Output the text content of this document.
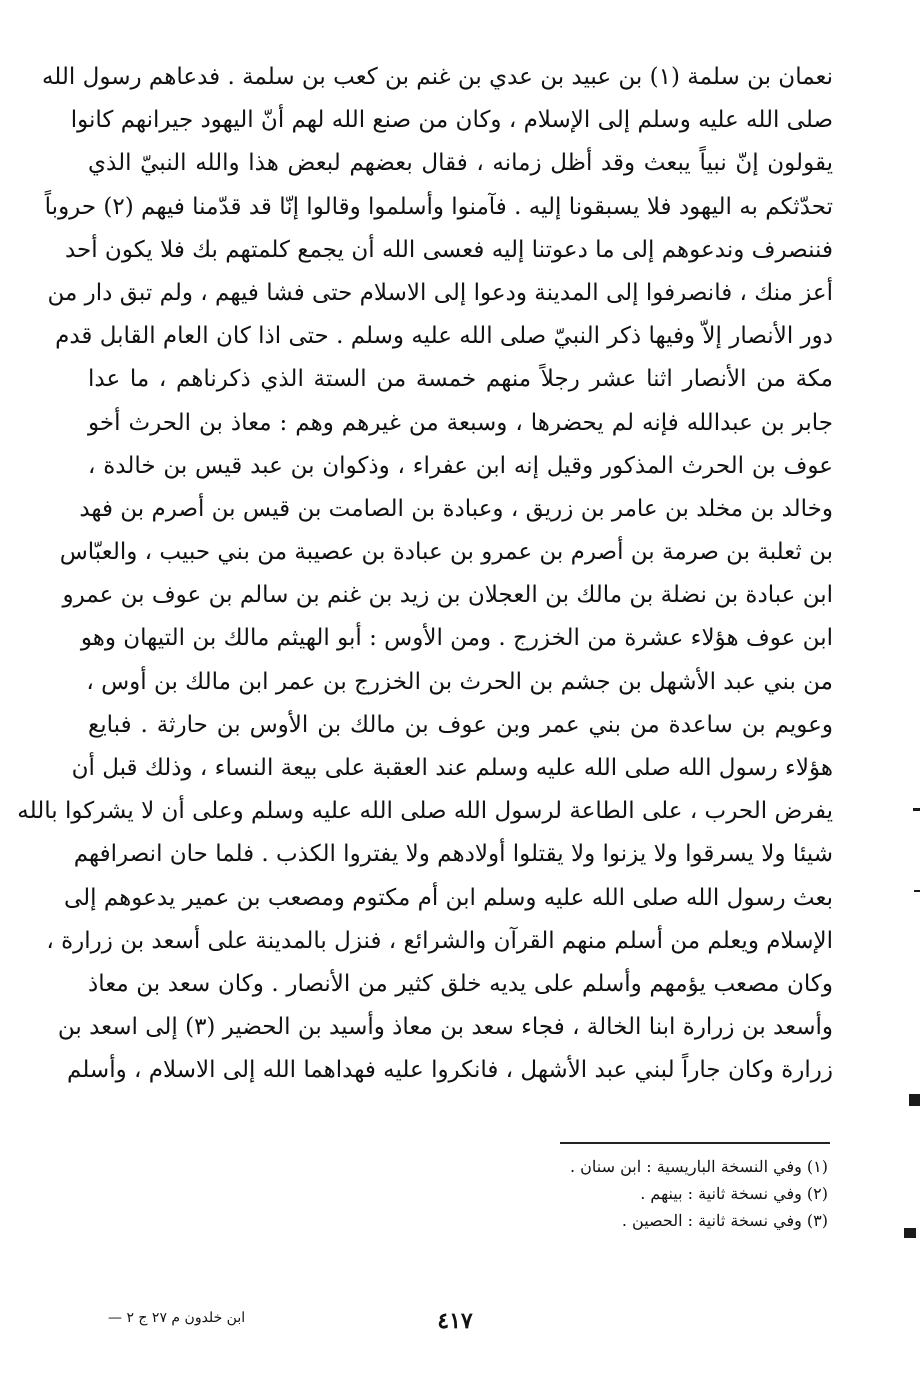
نعمان بن سلمة (١) بن عبيد بن عدي بن غنم بن كعب بن سلمة . فدعاهم رسول الله
صلى الله عليه وسلم إلى الإسلام ، وكان من صنع الله لهم أنّ اليهود جيرانهم كانوا
يقولون إنّ نبياً يبعث وقد أظل زمانه ، فقال بعضهم لبعض هذا والله النبيّ الذي
تحدّثكم به اليهود فلا يسبقونا إليه . فآمنوا وأسلموا وقالوا إنّا قد قدّمنا فيهم (٢) حروباً
فننصرف وندعوهم إلى ما دعوتنا إليه فعسى الله أن يجمع كلمتهم بك فلا يكون أحد
أعز منك ، فانصرفوا إلى المدينة ودعوا إلى الاسلام حتى فشا فيهم ، ولم تبق دار من
دور الأنصار إلاّ وفيها ذكر النبيّ صلى الله عليه وسلم . حتى اذا كان العام القابل قدم
مكة من الأنصار اثنا عشر رجلاً منهم خمسة من الستة الذي ذكرناهم ، ما عدا
جابر بن عبدالله فإنه لم يحضرها ، وسبعة من غيرهم وهم : معاذ بن الحرث أخو
عوف بن الحرث المذكور وقيل إنه ابن عفراء ، وذكوان بن عبد قيس بن خالدة ،
وخالد بن مخلد بن عامر بن زريق ، وعبادة بن الصامت بن قيس بن أصرم بن فهد
بن ثعلبة بن صرمة بن أصرم بن عمرو بن عبادة بن عصيبة من بني حبيب ، والعبّاس
ابن عبادة بن نضلة بن مالك بن العجلان بن زيد بن غنم بن سالم بن عوف بن عمرو
ابن عوف هؤلاء عشرة من الخزرج . ومن الأوس : أبو الهيثم مالك بن التيهان وهو
من بني عبد الأشهل بن جشم بن الحرث بن الخزرج بن عمر ابن مالك بن أوس ،
وعويم بن ساعدة من بني عمر وبن عوف بن مالك بن الأوس بن حارثة . فبايع
هؤلاء رسول الله صلى الله عليه وسلم عند العقبة على بيعة النساء ، وذلك قبل أن
يفرض الحرب ، على الطاعة لرسول الله صلى الله عليه وسلم وعلى أن لا يشركوا بالله
شيئا ولا يسرقوا ولا يزنوا ولا يقتلوا أولادهم ولا يفتروا الكذب . فلما حان انصرافهم
بعث رسول الله صلى الله عليه وسلم ابن أم مكتوم ومصعب بن عمير يدعوهم إلى
الإسلام ويعلم من أسلم منهم القرآن والشرائع ، فنزل بالمدينة على أسعد بن زرارة ،
وكان مصعب يؤمهم وأسلم على يديه خلق كثير من الأنصار . وكان سعد بن معاذ
وأسعد بن زرارة ابنا الخالة ، فجاء سعد بن معاذ وأسيد بن الحضير (٣) إلى اسعد بن
زرارة وكان جاراً لبني عبد الأشهل ، فانكروا عليه فهداهما الله إلى الاسلام ، وأسلم
(١) وفي النسخة الباريسية : ابن سنان .
(٢) وفي نسخة ثانية : بينهم .
(٣) وفي نسخة ثانية : الحصين .
٤١٧
ابن خلدون م ٢٧ ج ٢ —
